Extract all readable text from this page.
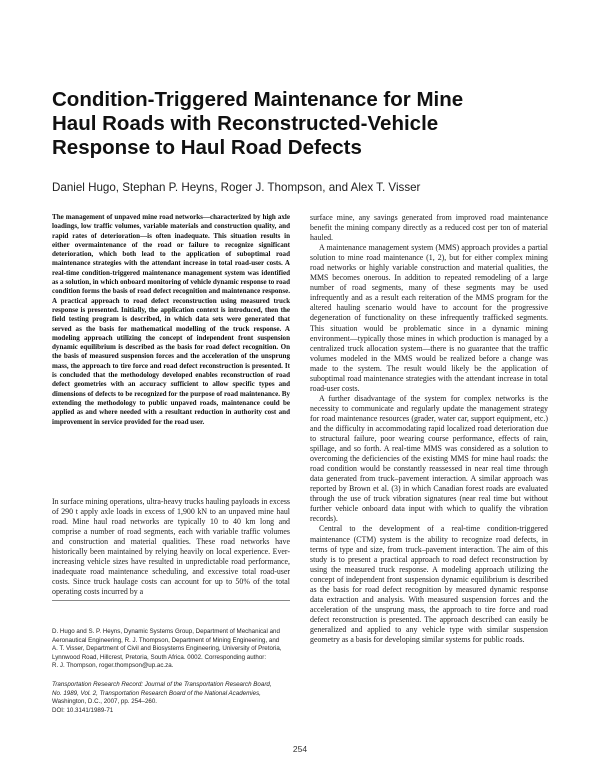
Condition-Triggered Maintenance for Mine
Haul Roads with Reconstructed-Vehicle
Response to Haul Road Defects

Daniel Hugo, Stephan P. Heyns, Roger J. Thompson, and Alex T. Visser

The management of unpaved mine road networks—characterized by high axle loadings, low traffic volumes, variable materials and construction quality, and rapid rates of deterioration—is often inadequate. This situation results in either overmaintenance of the road or failure to recognize significant deterioration, which both lead to the application of suboptimal road maintenance strategies with the attendant increase in total road-user costs. A real-time condition-triggered maintenance management system was identified as a solution, in which onboard monitoring of vehicle dynamic response to road condition forms the basis of road defect recognition and maintenance response. A practical approach to road defect reconstruction using measured truck response is presented. Initially, the application context is introduced, then the field testing program is described, in which data sets were generated that served as the basis for mathematical modelling of the truck response. A modeling approach utilizing the concept of independent front suspension dynamic equilibrium is described as the basis for road defect recognition. On the basis of measured suspension forces and the acceleration of the unsprung mass, the approach to tire force and road defect reconstruction is presented. It is concluded that the methodology developed enables reconstruction of road defect geometries with an accuracy sufficient to allow specific types and dimensions of defects to be recognized for the purpose of road maintenance. By extending the methodology to public unpaved roads, maintenance could be applied as and where needed with a resultant reduction in authority cost and improvement in service provided for the road user.

In surface mining operations, ultra-heavy trucks hauling payloads in excess of 290 t apply axle loads in excess of 1,900 kN to an unpaved mine haul road. Mine haul road networks are typically 10 to 40 km long and comprise a number of road segments, each with variable traffic volumes and construction and material qualities. These road networks have historically been maintained by relying heavily on local experience. Ever-increasing vehicle sizes have resulted in unpredictable road performance, inadequate road maintenance scheduling, and excessive total road-user costs. Since truck haulage costs can account for up to 50% of the total operating costs incurred by a

D. Hugo and S. P. Heyns, Dynamic Systems Group, Department of Mechanical and
Aeronautical Engineering, R. J. Thompson, Department of Mining Engineering, and
A. T. Visser, Department of Civil and Biosystems Engineering, University of Pretoria,
Lynnwood Road, Hillcrest, Pretoria, South Africa. 0002. Corresponding author:
R. J. Thompson, roger.thompson@up.ac.za.

Transportation Research Record: Journal of the Transportation Research Board,
No. 1989, Vol. 2, Transportation Research Board of the National Academies,
Washington, D.C., 2007, pp. 254–260.
DOI: 10.3141/1989-71

surface mine, any savings generated from improved road maintenance benefit the mining company directly as a reduced cost per ton of material hauled.

A maintenance management system (MMS) approach provides a partial solution to mine road maintenance (1, 2), but for either complex mining road networks or highly variable construction and material qualities, the MMS becomes onerous. In addition to repeated remodeling of a large number of road segments, many of these segments may be used infrequently and as a result each reiteration of the MMS program for the altered hauling scenario would have to account for the progressive degeneration of functionality on these infrequently trafficked segments. This situation would be problematic since in a dynamic mining environment—typically those mines in which production is managed by a centralized truck allocation system—there is no guarantee that the traffic volumes modeled in the MMS would be realized before a change was made to the system. The result would likely be the application of suboptimal road maintenance strategies with the attendant increase in total road-user costs.

A further disadvantage of the system for complex networks is the necessity to communicate and regularly update the management strategy for road maintenance resources (grader, water car, support equipment, etc.) and the difficulty in accommodating rapid localized road deterioration due to structural failure, poor wearing course performance, effects of rain, spillage, and so forth. A real-time MMS was considered as a solution to overcoming the deficiencies of the existing MMS for mine haul roads: the road condition would be constantly reassessed in near real time through data generated from truck–pavement interaction. A similar approach was reported by Brown et al. (3) in which Canadian forest roads are evaluated through the use of truck vibration signatures (near real time but without further vehicle onboard data input with which to qualify the vibration records).

Central to the development of a real-time condition-triggered maintenance (CTM) system is the ability to recognize road defects, in terms of type and size, from truck–pavement interaction. The aim of this study is to present a practical approach to road defect reconstruction by using the measured truck response. A modeling approach utilizing the concept of independent front suspension dynamic equilibrium is described as the basis for road defect recognition by measured dynamic response data extraction and analysis. With measured suspension forces and the acceleration of the unsprung mass, the approach to tire force and road defect reconstruction is presented. The approach described can easily be generalized and applied to any vehicle type with similar suspension geometry as a basis for developing similar systems for public roads.

254
